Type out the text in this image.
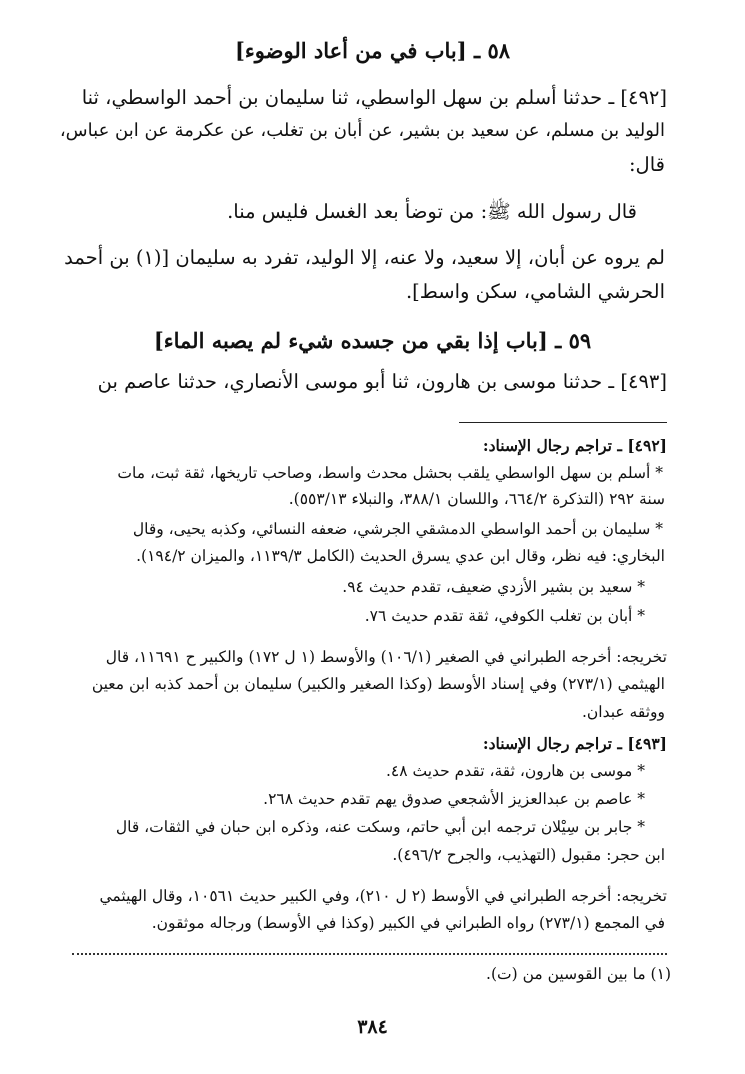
٥٨ ـ [باب في من أعاد الوضوء]
[٤٩٢] ـ حدثنا أسلم بن سهل الواسطي، ثنا سليمان بن أحمد الواسطي، ثنا
الوليد بن مسلم، عن سعيد بن بشير، عن أبان بن تغلب، عن عكرمة عن ابن عباس،
قال:
قال رسول الله ﷺ: من توضأ بعد الغسل فليس منا.
لم يروه عن أبان، إلا سعيد، ولا عنه، إلا الوليد، تفرد به سليمان [(١) بن أحمد
الحرشي الشامي، سكن واسط].
٥٩ ـ [باب إذا بقي من جسده شيء لم يصبه الماء]
[٤٩٣] ـ حدثنا موسى بن هارون، ثنا أبو موسى الأنصاري، حدثنا عاصم بن
[٤٩٢] ـ تراجم رجال الإسناد:
* أسلم بن سهل الواسطي يلقب بحشل محدث واسط، وصاحب تاريخها، ثقة ثبت، مات
سنة ٢٩٢ (التذكرة ٦٦٤/٢، واللسان ٣٨٨/١، والنبلاء ٥٥٣/١٣).
* سليمان بن أحمد الواسطي الدمشقي الجرشي، ضعفه النسائي، وكذبه يحيى، وقال
البخاري: فيه نظر، وقال ابن عدي يسرق الحديث (الكامل ١١٣٩/٣، والميزان ١٩٤/٢).
* سعيد بن بشير الأزدي ضعيف، تقدم حديث ٩٤.
* أبان بن تغلب الكوفي، ثقة تقدم حديث ٧٦.
تخريجه: أخرجه الطبراني في الصغير (١٠٦/١) والأوسط (١ ل ١٧٢) والكبير ح ١١٦٩١، قال
الهيثمي (٢٧٣/١) وفي إسناد الأوسط (وكذا الصغير والكبير) سليمان بن أحمد كذبه ابن معين
ووثقه عبدان.
[٤٩٣] ـ تراجم رجال الإسناد:
* موسى بن هارون، ثقة، تقدم حديث ٤٨.
* عاصم بن عبدالعزيز الأشجعي صدوق يهم تقدم حديث ٢٦٨.
* جابر بن سِيْلان ترجمه ابن أبي حاتم، وسكت عنه، وذكره ابن حبان في الثقات، قال
ابن حجر: مقبول (التهذيب، والجرح ٤٩٦/٢).
تخريجه: أخرجه الطبراني في الأوسط (٢ ل ٢١٠)، وفي الكبير حديث ١٠٥٦١، وقال الهيثمي
في المجمع (٢٧٣/١) رواه الطبراني في الكبير (وكذا في الأوسط) ورجاله موثقون.
(١) ما بين القوسين من (ت).
٣٨٤
